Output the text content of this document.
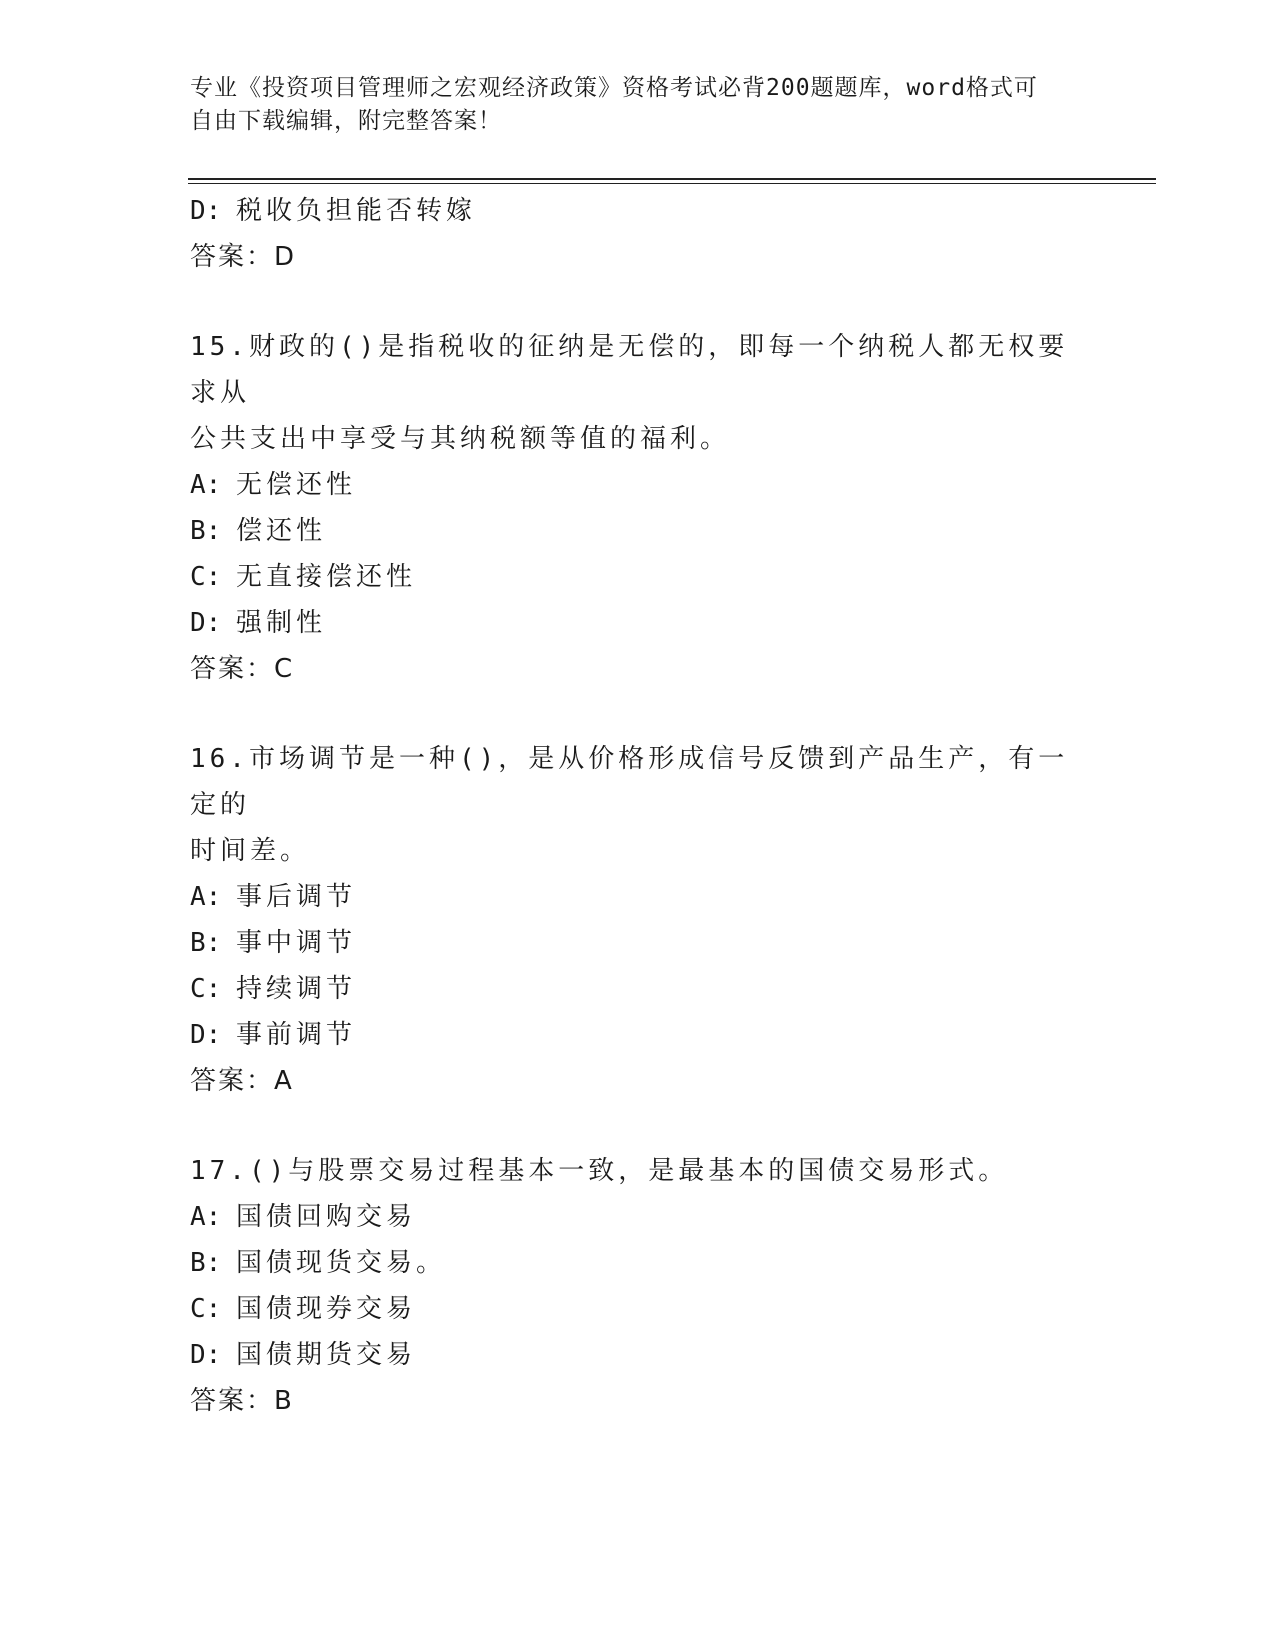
专业《投资项目管理师之宏观经济政策》资格考试必背200题题库，word格式可
自由下载编辑，附完整答案！
D: 税收负担能否转嫁
答案：D
15.财政的()是指税收的征纳是无偿的，即每一个纳税人都无权要求从
公共支出中享受与其纳税额等值的福利。
A: 无偿还性
B: 偿还性
C: 无直接偿还性
D: 强制性
答案：C
16.市场调节是一种()，是从价格形成信号反馈到产品生产，有一定的
时间差。
A: 事后调节
B: 事中调节
C: 持续调节
D: 事前调节
答案：A
17.()与股票交易过程基本一致，是最基本的国债交易形式。
A: 国债回购交易
B: 国债现货交易。
C: 国债现券交易
D: 国债期货交易
答案：B
